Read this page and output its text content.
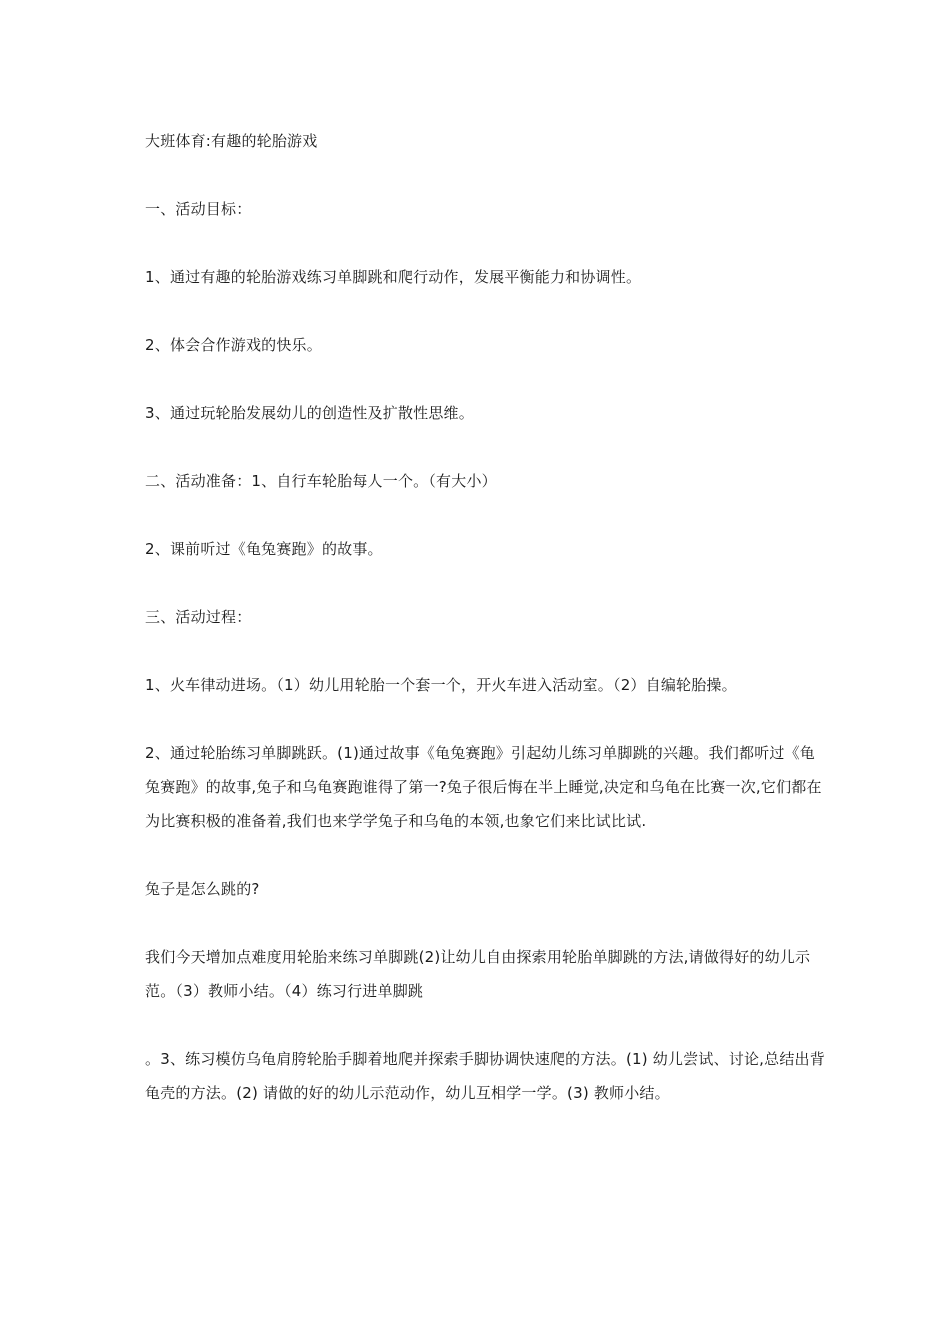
大班体育:有趣的轮胎游戏

一、活动目标：

1、通过有趣的轮胎游戏练习单脚跳和爬行动作，发展平衡能力和协调性。

2、体会合作游戏的快乐。

3、通过玩轮胎发展幼儿的创造性及扩散性思维。

二、活动准备：1、自行车轮胎每人一个。（有大小）

2、课前听过《龟兔赛跑》的故事。

三、活动过程：

1、火车律动进场。（1）幼儿用轮胎一个套一个，开火车进入活动室。（2）自编轮胎操。

2、通过轮胎练习单脚跳跃。(1)通过故事《龟兔赛跑》引起幼儿练习单脚跳的兴趣。我们都听过《龟兔赛跑》的故事,兔子和乌龟赛跑谁得了第一?兔子很后悔在半上睡觉,决定和乌龟在比赛一次,它们都在为比赛积极的准备着,我们也来学学兔子和乌龟的本领,也象它们来比试比试.

兔子是怎么跳的?

我们今天增加点难度用轮胎来练习单脚跳(2)让幼儿自由探索用轮胎单脚跳的方法,请做得好的幼儿示范。（3）教师小结。（4）练习行进单脚跳

。3、练习模仿乌龟肩胯轮胎手脚着地爬并探索手脚协调快速爬的方法。(1) 幼儿尝试、讨论,总结出背龟壳的方法。(2) 请做的好的幼儿示范动作，幼儿互相学一学。(3) 教师小结。
